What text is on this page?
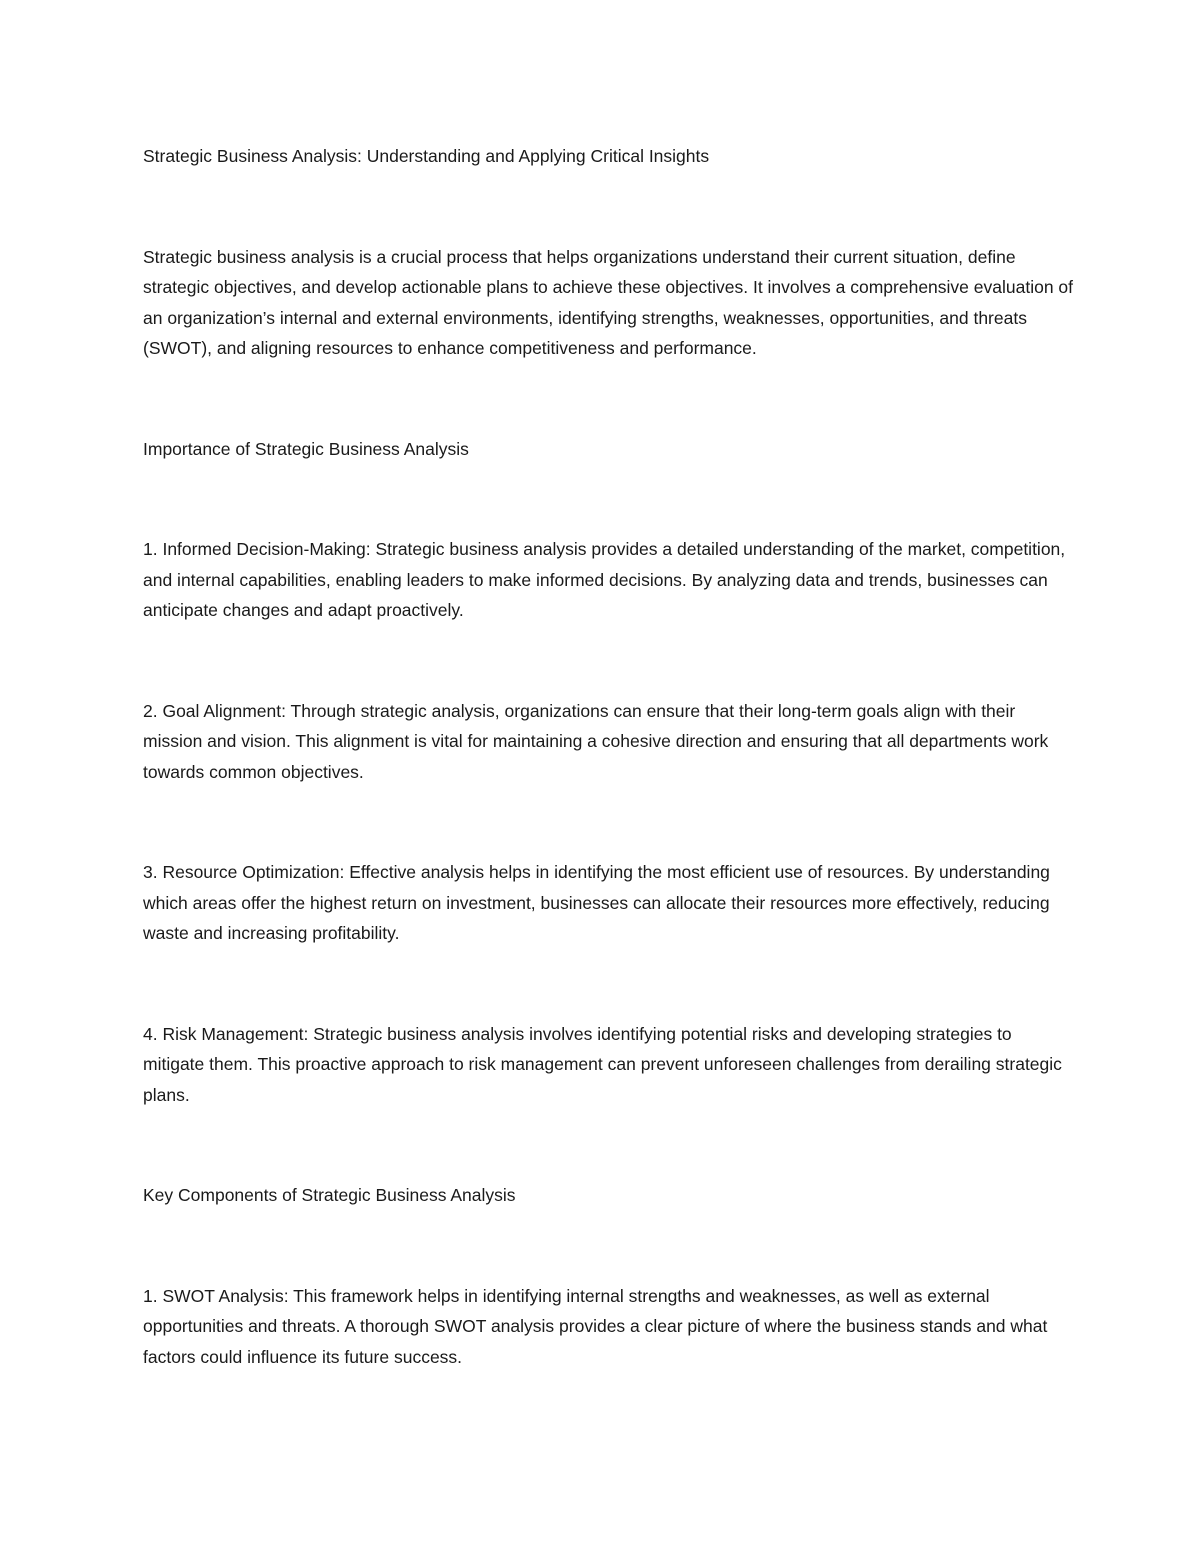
Strategic Business Analysis: Understanding and Applying Critical Insights

Strategic business analysis is a crucial process that helps organizations understand their current situation, define strategic objectives, and develop actionable plans to achieve these objectives. It involves a comprehensive evaluation of an organization’s internal and external environments, identifying strengths, weaknesses, opportunities, and threats (SWOT), and aligning resources to enhance competitiveness and performance.

Importance of Strategic Business Analysis

1. Informed Decision-Making: Strategic business analysis provides a detailed understanding of the market, competition, and internal capabilities, enabling leaders to make informed decisions. By analyzing data and trends, businesses can anticipate changes and adapt proactively.

2. Goal Alignment: Through strategic analysis, organizations can ensure that their long-term goals align with their mission and vision. This alignment is vital for maintaining a cohesive direction and ensuring that all departments work towards common objectives.

3. Resource Optimization: Effective analysis helps in identifying the most efficient use of resources. By understanding which areas offer the highest return on investment, businesses can allocate their resources more effectively, reducing waste and increasing profitability.

4. Risk Management: Strategic business analysis involves identifying potential risks and developing strategies to mitigate them. This proactive approach to risk management can prevent unforeseen challenges from derailing strategic plans.

Key Components of Strategic Business Analysis

1. SWOT Analysis: This framework helps in identifying internal strengths and weaknesses, as well as external opportunities and threats. A thorough SWOT analysis provides a clear picture of where the business stands and what factors could influence its future success.
